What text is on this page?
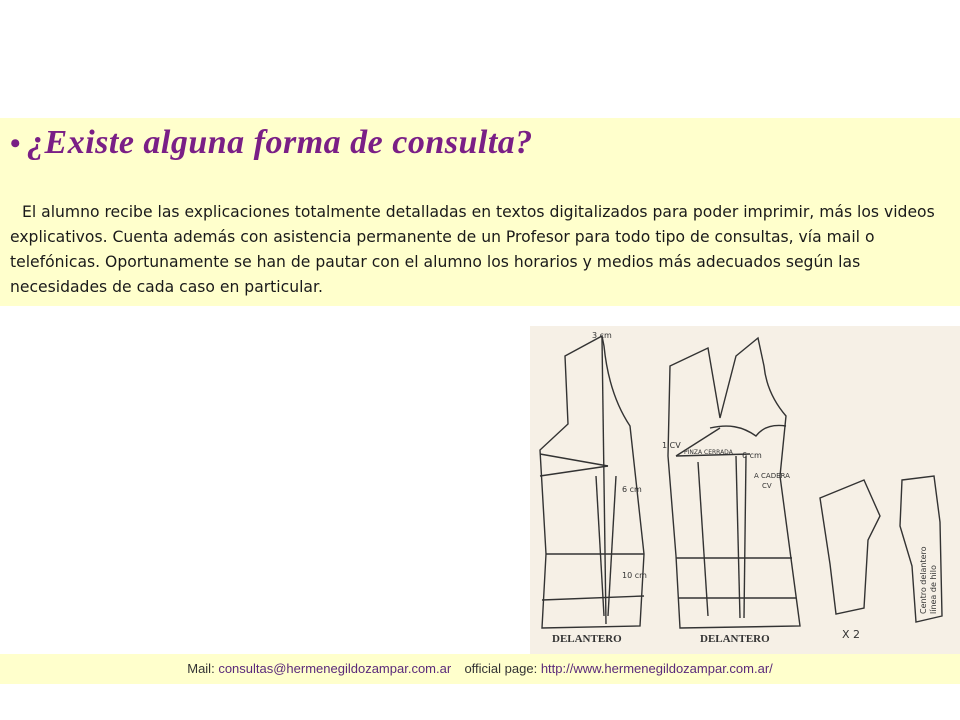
• ¿Existe alguna forma de consulta?

El alumno recibe las explicaciones totalmente detalladas en textos digitalizados para poder imprimir, más los videos explicativos. Cuenta además con asistencia permanente de un Profesor para todo tipo de consultas, vía mail o telefónicas. Oportunamente se han de pautar con el alumno los horarios y medios más adecuados según las necesidades de cada caso en particular.

3 cm
6 cm
10 cm
6 cm
1 CV
PINZA CERRADA
A CADERA
CV
DELANTERO	DELANTERO	X 2
Centro delantero línea de hilo
Mail: consultas@hermenegildozampar.com.ar official page: http://www.hermenegildozampar.com.ar/
